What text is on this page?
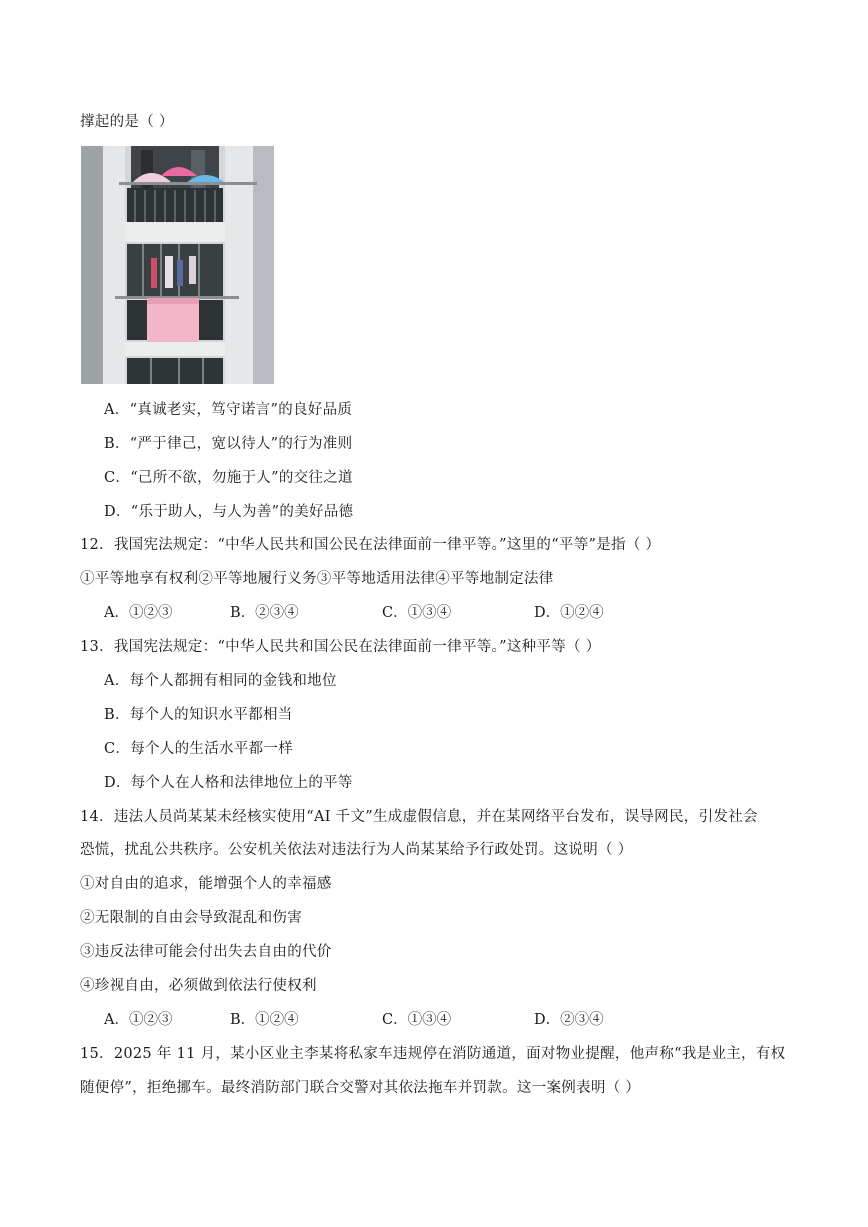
撑起的是（ ）
A．“真诚老实，笃守诺言”的良好品质
B．“严于律己，宽以待人”的行为准则
C．“己所不欲，勿施于人”的交往之道
D．“乐于助人，与人为善”的美好品德
12．我国宪法规定：“中华人民共和国公民在法律面前一律平等。”这里的“平等”是指（ ）
①平等地享有权利②平等地履行义务③平等地适用法律④平等地制定法律
A．①②③	B．②③④	C．①③④	D．①②④
13．我国宪法规定：“中华人民共和国公民在法律面前一律平等。”这种平等（ ）
A．每个人都拥有相同的金钱和地位
B．每个人的知识水平都相当
C．每个人的生活水平都一样
D．每个人在人格和法律地位上的平等
14．违法人员尚某某未经核实使用“AI 千文”生成虚假信息，并在某网络平台发布，误导网民，引发社会
恐慌，扰乱公共秩序。公安机关依法对违法行为人尚某某给予行政处罚。这说明（ ）
①对自由的追求，能增强个人的幸福感
②无限制的自由会导致混乱和伤害
③违反法律可能会付出失去自由的代价
④珍视自由，必须做到依法行使权利
A．①②③	B．①②④	C．①③④	D．②③④
15．2025 年 11 月，某小区业主李某将私家车违规停在消防通道，面对物业提醒，他声称“我是业主，有权
随便停”，拒绝挪车。最终消防部门联合交警对其依法拖车并罚款。这一案例表明（ ）
